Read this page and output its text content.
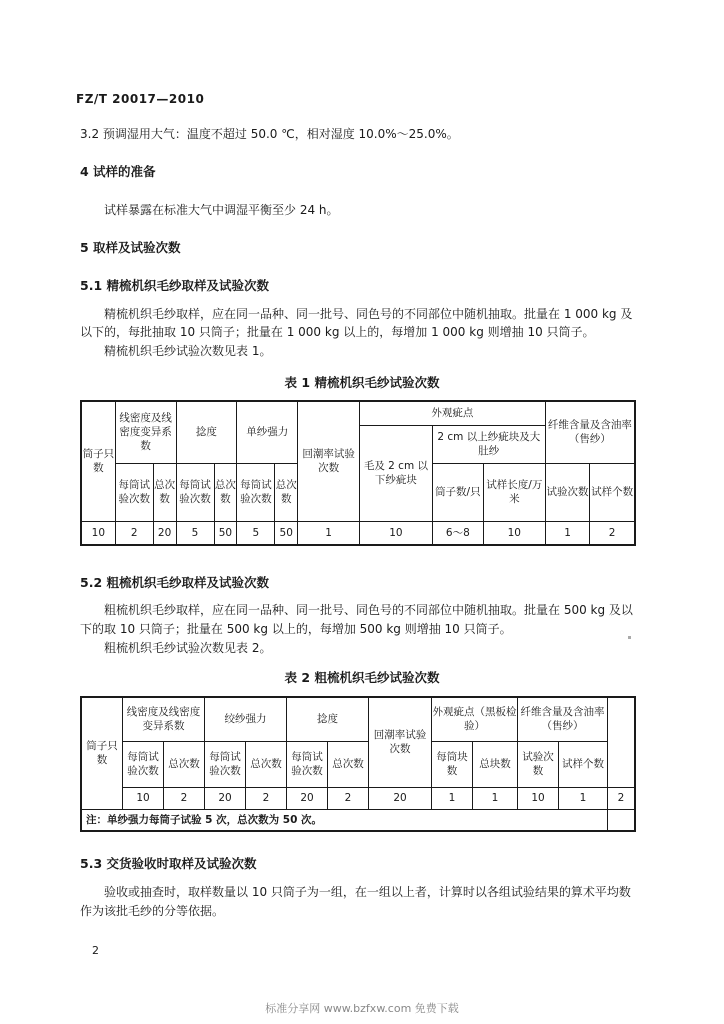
FZ/T 20017—2010
3.2 预调湿用大气：温度不超过 50.0 ℃，相对湿度 10.0%～25.0%。
4 试样的准备
试样暴露在标准大气中调湿平衡至少 24 h。
5 取样及试验次数
5.1 精梳机织毛纱取样及试验次数
精梳机织毛纱取样，应在同一品种、同一批号、同色号的不同部位中随机抽取。批量在 1 000 kg 及
以下的，每批抽取 10 只筒子；批量在 1 000 kg 以上的，每增加 1 000 kg 则增抽 10 只筒子。
精梳机织毛纱试验次数见表 1。
表 1 精梳机织毛纱试验次数
筒子只数	线密度及线密度变异系数		捻度		单纱强力		回潮率试验次数	外观疵点			纤维含量及含油率（售纱）	
								毛及 2 cm 以下纱疵块	2 cm 以上纱疵块及大肚纱			
	每筒试验次数	总次数	每筒试验次数	总次数	每筒试验次数	总次数			筒子数/只	试样长度/万米	试验次数	试样个数
10	2	20	5	50	5	50	1	10	6～8	10	1	2
5.2 粗梳机织毛纱取样及试验次数
粗梳机织毛纱取样，应在同一品种、同一批号、同色号的不同部位中随机抽取。批量在 500 kg 及以
下的取 10 只筒子；批量在 500 kg 以上的，每增加 500 kg 则增抽 10 只筒子。
粗梳机织毛纱试验次数见表 2。
表 2 粗梳机织毛纱试验次数
筒子只数	线密度及线密度变异系数		绞纱强力		捻度		回潮率试验次数	外观疵点（黑板检验）		纤维含量及含油率（售纱）		
	每筒试验次数	总次数	每筒试验次数	总次数	每筒试验次数	总次数		每筒块数	总块数	试验次数	试样个数	
	10	2	20	2	20	2	20	1	1	10	1	2
注：单纱强力每筒子试验 5 次，总次数为 50 次。												
5.3 交货验收时取样及试验次数
验收或抽查时，取样数量以 10 只筒子为一组，在一组以上者，计算时以各组试验结果的算术平均数
作为该批毛纱的分等依据。
2
标准分享网 www.bzfxw.com 免费下载
